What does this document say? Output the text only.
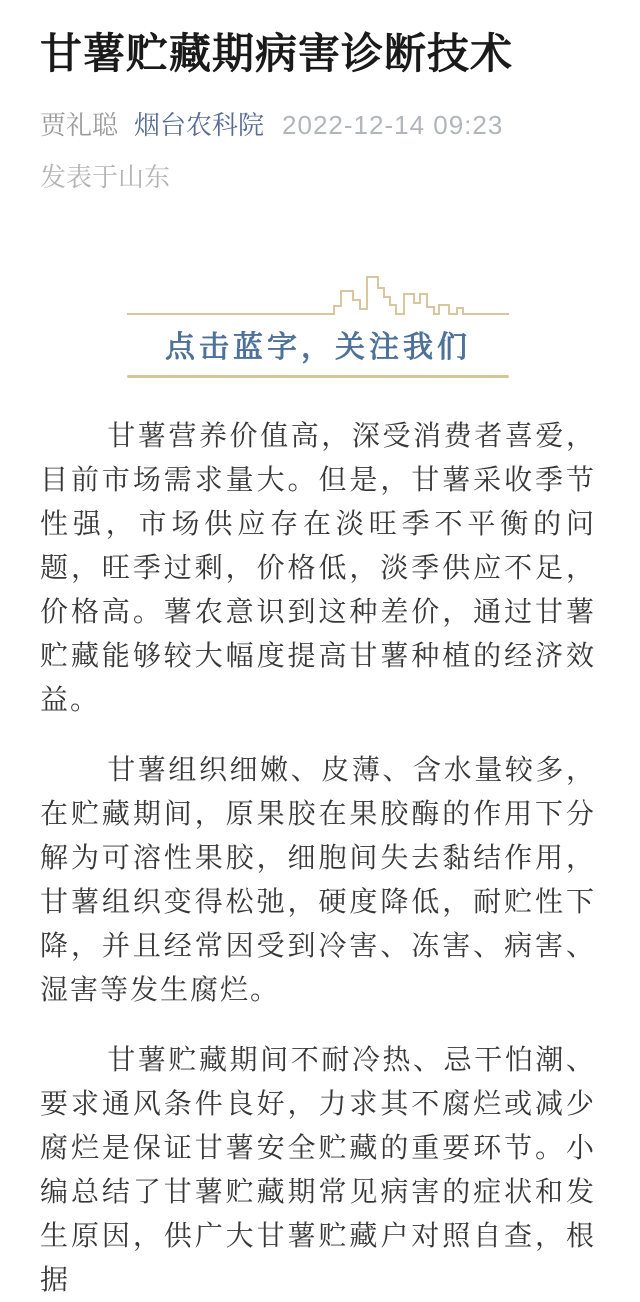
甘薯贮藏期病害诊断技术
贾礼聪 烟台农科院 2022-12-14 09:23
发表于山东
点击蓝字，关注我们

甘薯营养价值高，深受消费者喜爱，目前市场需求量大。但是，甘薯采收季节性强，市场供应存在淡旺季不平衡的问题，旺季过剩，价格低，淡季供应不足，价格高。薯农意识到这种差价，通过甘薯贮藏能够较大幅度提高甘薯种植的经济效益。

甘薯组织细嫩、皮薄、含水量较多，在贮藏期间，原果胶在果胶酶的作用下分解为可溶性果胶，细胞间失去黏结作用，甘薯组织变得松弛，硬度降低，耐贮性下降，并且经常因受到冷害、冻害、病害、湿害等发生腐烂。

甘薯贮藏期间不耐冷热、忌干怕潮、要求通风条件良好，力求其不腐烂或减少腐烂是保证甘薯安全贮藏的重要环节。小编总结了甘薯贮藏期常见病害的症状和发生原因，供广大甘薯贮藏户对照自查，根据
